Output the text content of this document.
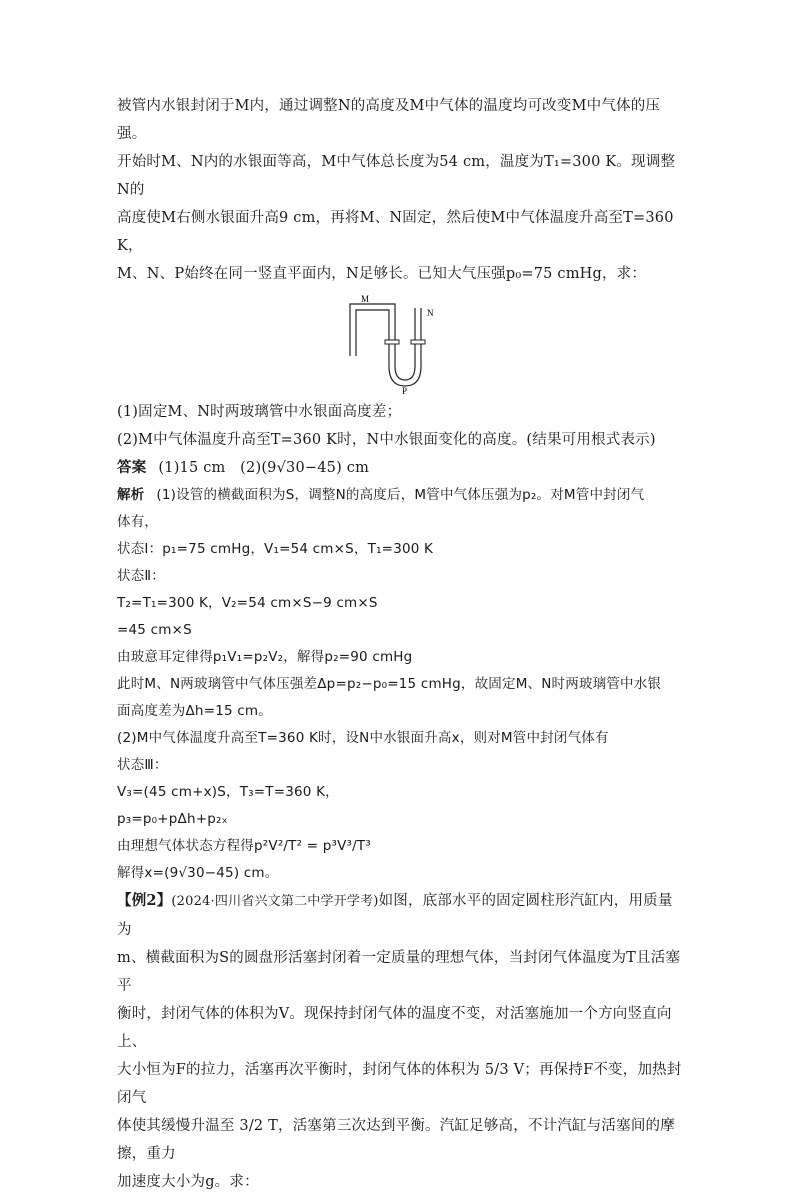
被管内水银封闭于M内，通过调整N的高度及M中气体的温度均可改变M中气体的压强。

开始时M、N内的水银面等高，M中气体总长度为54 cm，温度为T₁=300 K。现调整N的

高度使M右侧水银面升高9 cm，再将M、N固定，然后使M中气体温度升高至T=360 K，

M、N、P始终在同一竖直平面内，N足够长。已知大气压强p₀=75 cmHg，求：

M
N
P

(1)固定M、N时两玻璃管中水银面高度差；

(2)M中气体温度升高至T=360 K时，N中水银面变化的高度。(结果可用根式表示)

答案 (1)15 cm　(2)(9√30−45) cm

解析 (1)设管的横截面积为S，调整N的高度后，M管中气体压强为p₂。对M管中封闭气

体有，

状态Ⅰ：p₁=75 cmHg，V₁=54 cm×S，T₁=300 K

状态Ⅱ：

T₂=T₁=300 K，V₂=54 cm×S−9 cm×S

=45 cm×S

由玻意耳定律得p₁V₁=p₂V₂，解得p₂=90 cmHg

此时M、N两玻璃管中气体压强差Δp=p₂−p₀=15 cmHg，故固定M、N时两玻璃管中水银

面高度差为Δh=15 cm。

(2)M中气体温度升高至T=360 K时，设N中水银面升高x，则对M管中封闭气体有

状态Ⅲ：

V₃=(45 cm+x)S，T₃=T=360 K，

p₃=p₀+pΔh+p₂ₓ

由理想气体状态方程得p²V²/T² = p³V³/T³

解得x=(9√30−45) cm。

【例2】(2024·四川省兴文第二中学开学考)如图，底部水平的固定圆柱形汽缸内，用质量为

m、横截面积为S的圆盘形活塞封闭着一定质量的理想气体，当封闭气体温度为T且活塞平

衡时，封闭气体的体积为V。现保持封闭气体的温度不变，对活塞施加一个方向竖直向上、

大小恒为F的拉力，活塞再次平衡时，封闭气体的体积为 5/3 V；再保持F不变，加热封闭气

体使其缓慢升温至 3/2 T，活塞第三次达到平衡。汽缸足够高，不计汽缸与活塞间的摩擦，重力

加速度大小为g。求：
